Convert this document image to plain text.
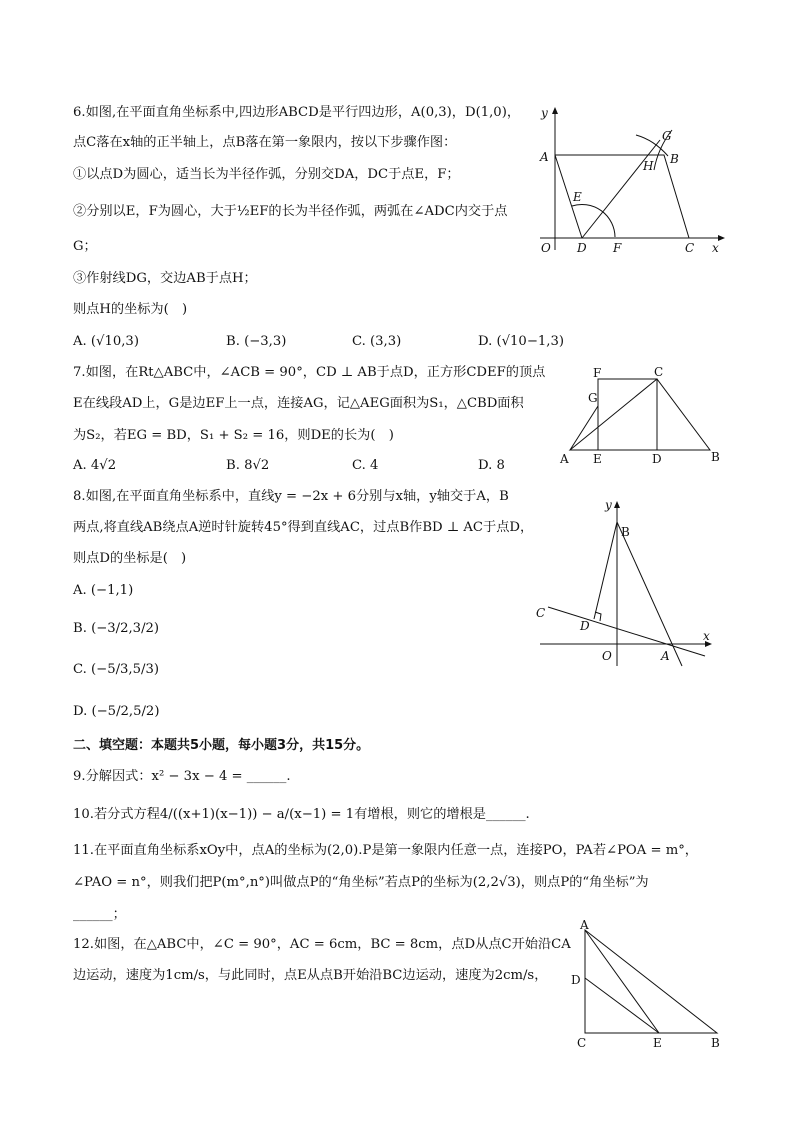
6.如图,在平面直角坐标系中,四边形ABCD是平行四边形，A(0,3)，D(1,0)，
点C落在x轴的正半轴上，点B落在第一象限内，按以下步骤作图：
①以点D为圆心，适当长为半径作弧，分别交DA，DC于点E，F；
②分别以E，F为圆心，大于½EF的长为半径作弧，两弧在∠ADC内交于点
G；
③作射线DG，交边AB于点H；
则点H的坐标为(　)
A. (√10,3)	B. (−3,3)	C. (3,3)	D. (√10−1,3)
y
A
G
H B
E
O D F	C x
7.如图，在Rt△ABC中，∠ACB = 90°，CD ⊥ AB于点D，正方形CDEF的顶点
E在线段AD上，G是边EF上一点，连接AG，记△AEG面积为S₁，△CBD面积
为S₂，若EG = BD，S₁ + S₂ = 16，则DE的长为(　)
A. 4√2	B. 8√2	C. 4	D. 8
F	C
G
A E	D	B
8.如图,在平面直角坐标系中，直线y = −2x + 6分别与x轴，y轴交于A，B
两点,将直线AB绕点A逆时针旋转45°得到直线AC，过点B作BD ⊥ AC于点D，
则点D的坐标是(　)
A. (−1,1)
B. (−3/2,3/2)
C. (−5/3,5/3)
D. (−5/2,5/2)
y
B
C
D
x
O	A
二、填空题：本题共5小题，每小题3分，共15分。
9.分解因式：x² − 3x − 4 = ______.
10.若分式方程4/((x+1)(x−1)) − a/(x−1) = 1有增根，则它的增根是______.
11.在平面直角坐标系xOy中，点A的坐标为(2,0).P是第一象限内任意一点，连接PO，PA若∠POA = m°，
∠PAO = n°，则我们把P(m°,n°)叫做点P的“角坐标”若点P的坐标为(2,2√3)，则点P的“角坐标”为
______；
12.如图，在△ABC中，∠C = 90°，AC = 6cm，BC = 8cm，点D从点C开始沿CA
边运动，速度为1cm/s，与此同时，点E从点B开始沿BC边运动，速度为2cm/s，
A
D
C	E	B
